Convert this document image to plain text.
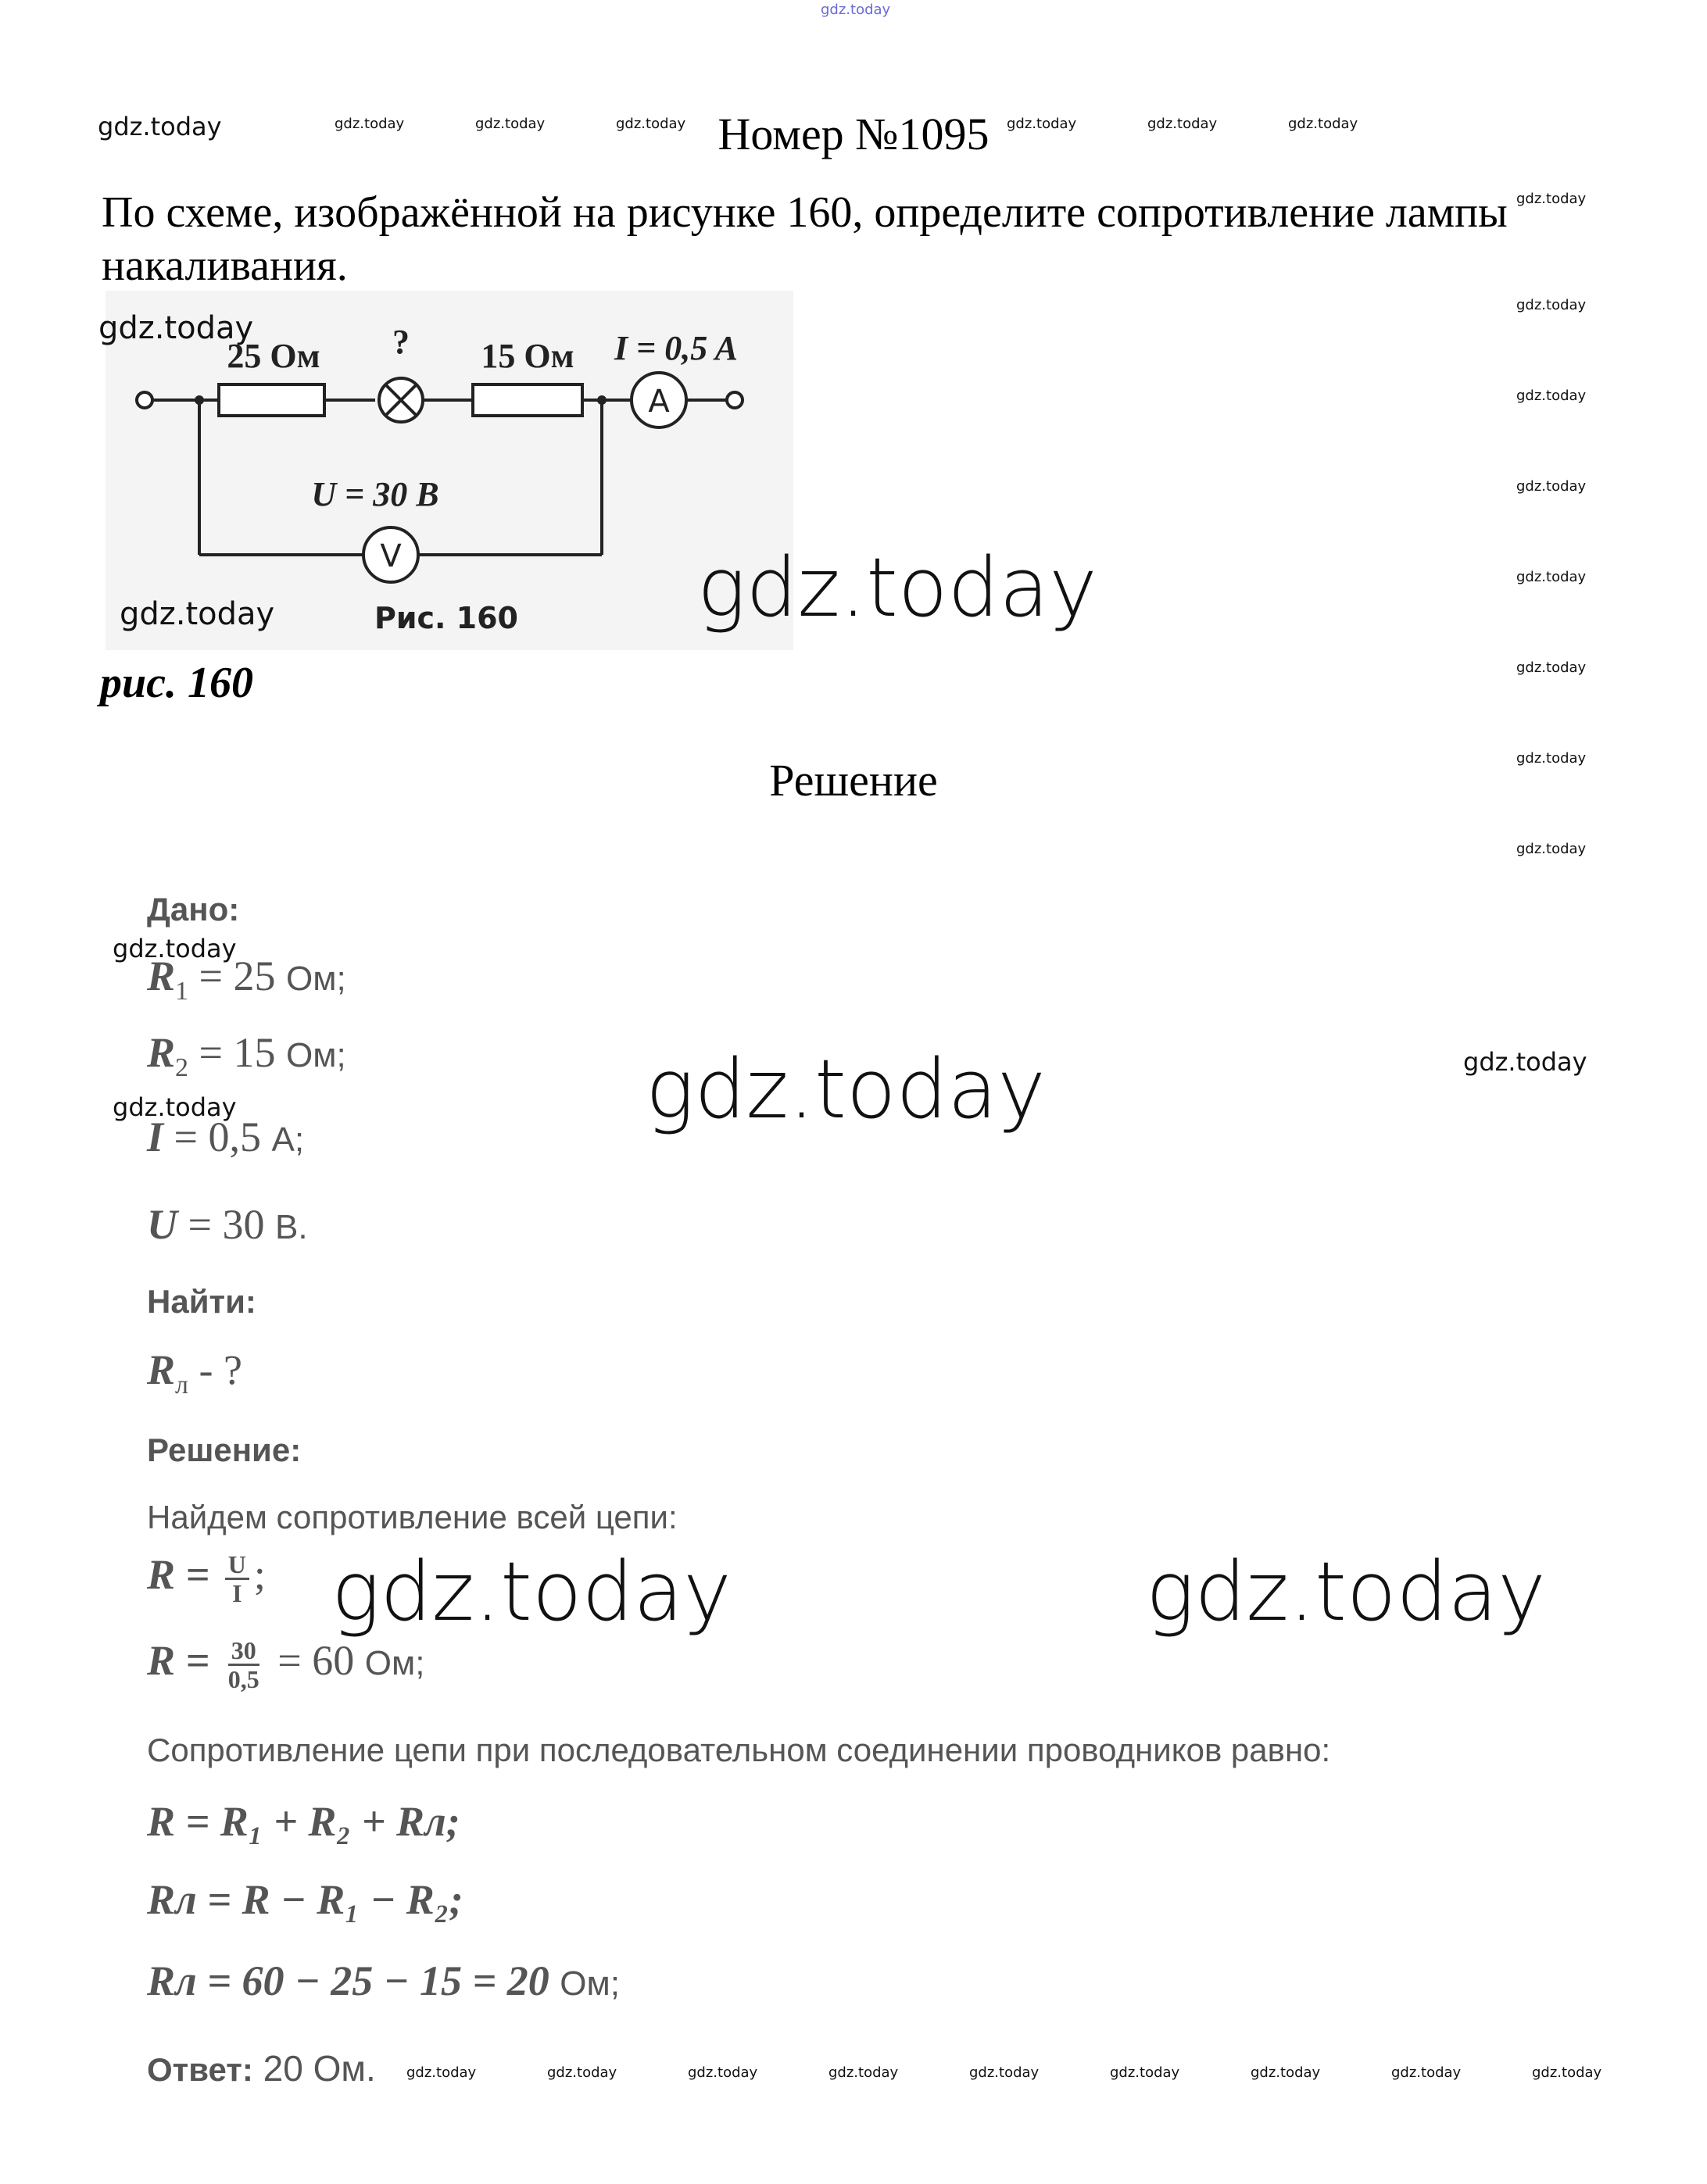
gdz.today
gdz.today	gdz.today	gdz.today	gdz.today	gdz.today	gdz.today	gdz.today
gdz.today
gdz.today
gdz.today
gdz.today
gdz.today
gdz.today
gdz.today
gdz.today
Номер №1095
По схеме, изображённой на рисунке 160, определите сопротивление лампы накаливания.
A
V
25 Ом ? 15 Ом I = 0,5 A
U = 30 В
Рис. 160
gdz.today
gdz.today	gdz.today
рис. 160
Решение
Дано:
gdz.today
$R_1 = 25$ Ом;
$R_2 = 15$ Ом;
gdz.today
gdz.today
gdz.today
I = 0,5 A;
U = 30 В.
Найти:
$R_л$ - ?
Решение:
Найдем сопротивление всей цепи:
$R = \frac{U}{I}$ ; gdz.today	gdz.today
$R = \frac{30}{0,5} = 60$ Ом;
Сопротивление цепи при последовательном соединении проводников равно:
R = R₁ + R₂ + Rл;
Rл = R − R₁ − R₂;
Rл = 60 − 25 − 15 = 20 Ом;
Ответ: 20 Ом. gdz.today	gdz.today	gdz.today	gdz.today	gdz.today	gdz.today	gdz.today	gdz.today	gdz.today
